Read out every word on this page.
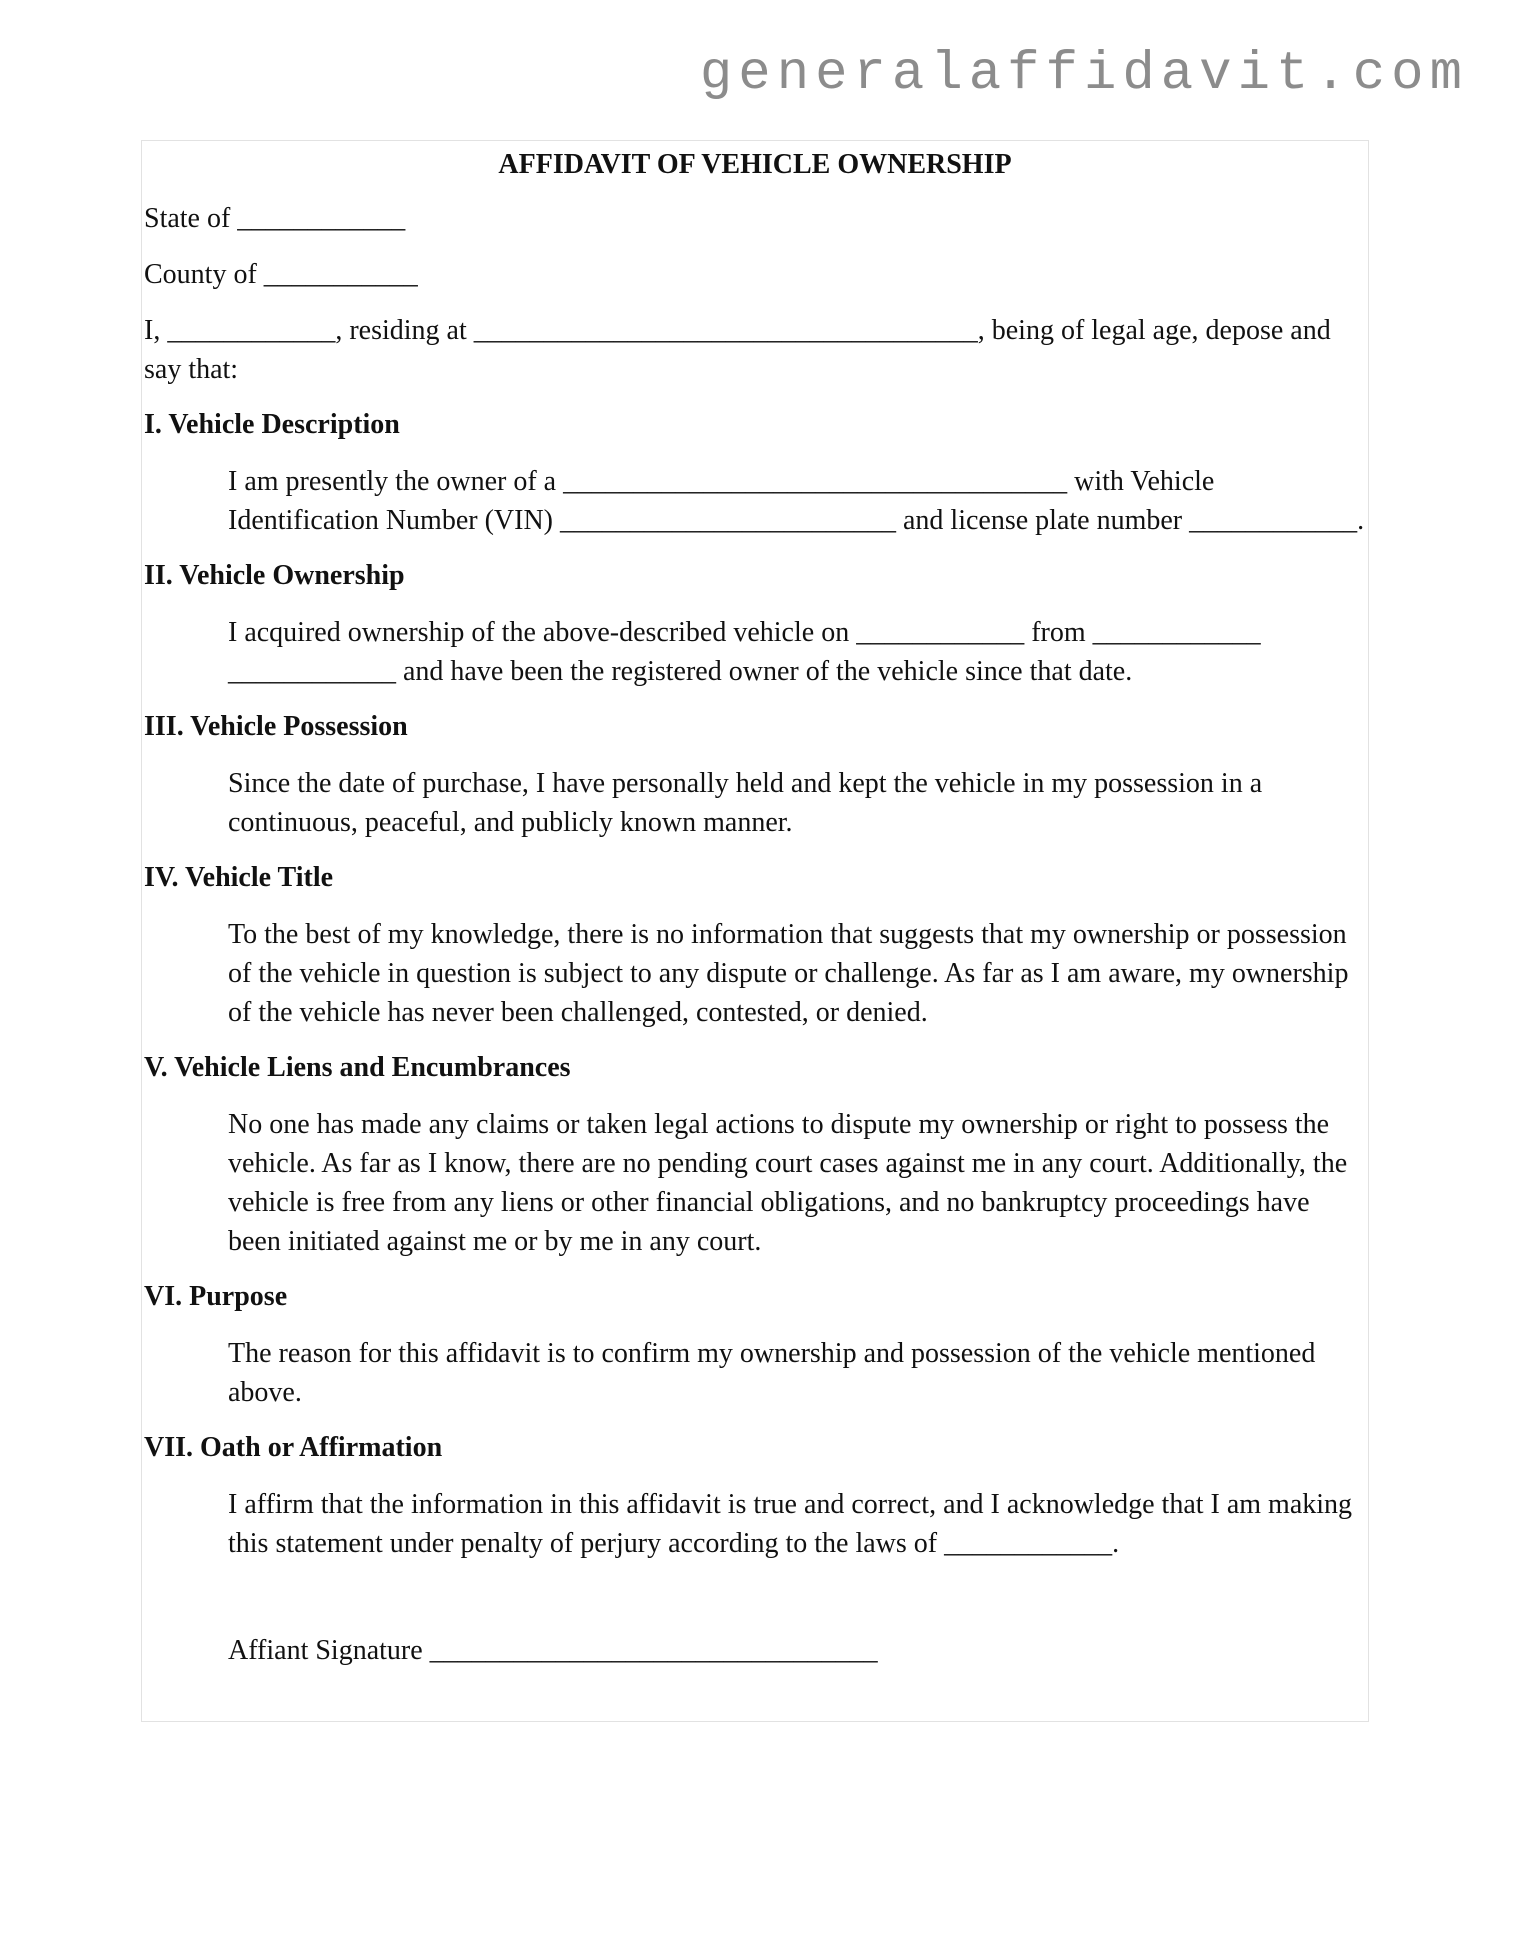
generalaffidavit.com
AFFIDAVIT OF VEHICLE OWNERSHIP

State of ____________

County of ___________

I, ____________, residing at ____________________________________, being of legal age, depose and say that:

I. Vehicle Description

I am presently the owner of a ____________________________________ with Vehicle Identification Number (VIN) ________________________ and license plate number ____________.

II. Vehicle Ownership

I acquired ownership of the above-described vehicle on ____________ from ____________ ____________ and have been the registered owner of the vehicle since that date.

III. Vehicle Possession

Since the date of purchase, I have personally held and kept the vehicle in my possession in a continuous, peaceful, and publicly known manner.

IV. Vehicle Title

To the best of my knowledge, there is no information that suggests that my ownership or possession of the vehicle in question is subject to any dispute or challenge. As far as I am aware, my ownership of the vehicle has never been challenged, contested, or denied.

V. Vehicle Liens and Encumbrances

No one has made any claims or taken legal actions to dispute my ownership or right to possess the vehicle. As far as I know, there are no pending court cases against me in any court. Additionally, the vehicle is free from any liens or other financial obligations, and no bankruptcy proceedings have been initiated against me or by me in any court.

VI. Purpose

The reason for this affidavit is to confirm my ownership and possession of the vehicle mentioned above.

VII. Oath or Affirmation

I affirm that the information in this affidavit is true and correct, and I acknowledge that I am making this statement under penalty of perjury according to the laws of ____________.

Affiant Signature ________________________________
